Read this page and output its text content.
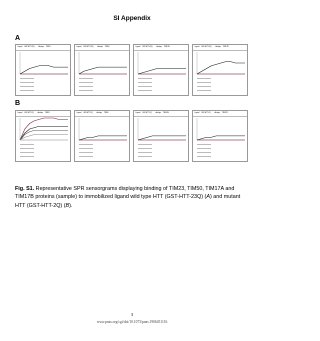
SI Appendix
A
Ligand GST-HTT-23Q	Analyte TIM23	Ligand GST-HTT-23Q	Analyte TIM50	Ligand GST-HTT-23Q	Analyte TIM17A	Ligand GST-HTT-23Q	Analyte TIM17B
B
Ligand GST-HTT-2Q	Analyte TIM23	Ligand GST-HTT-2Q	Analyte TIM50	Ligand GST-HTT-2Q	Analyte TIM17A	Ligand GST-HTT-2Q	Analyte TIM17B
Fig. S1. Representative SPR sensorgrams displaying binding of TIM23, TIM50, TIM17A and TIM17B proteins (sample) to immobilized ligand wild type HTT (GST-HTT-23Q) (A) and mutant HTT (GST-HTT-2Q) (B).
3
www.pnas.org/cgi/doi/10.1073/pnas.1906451116
